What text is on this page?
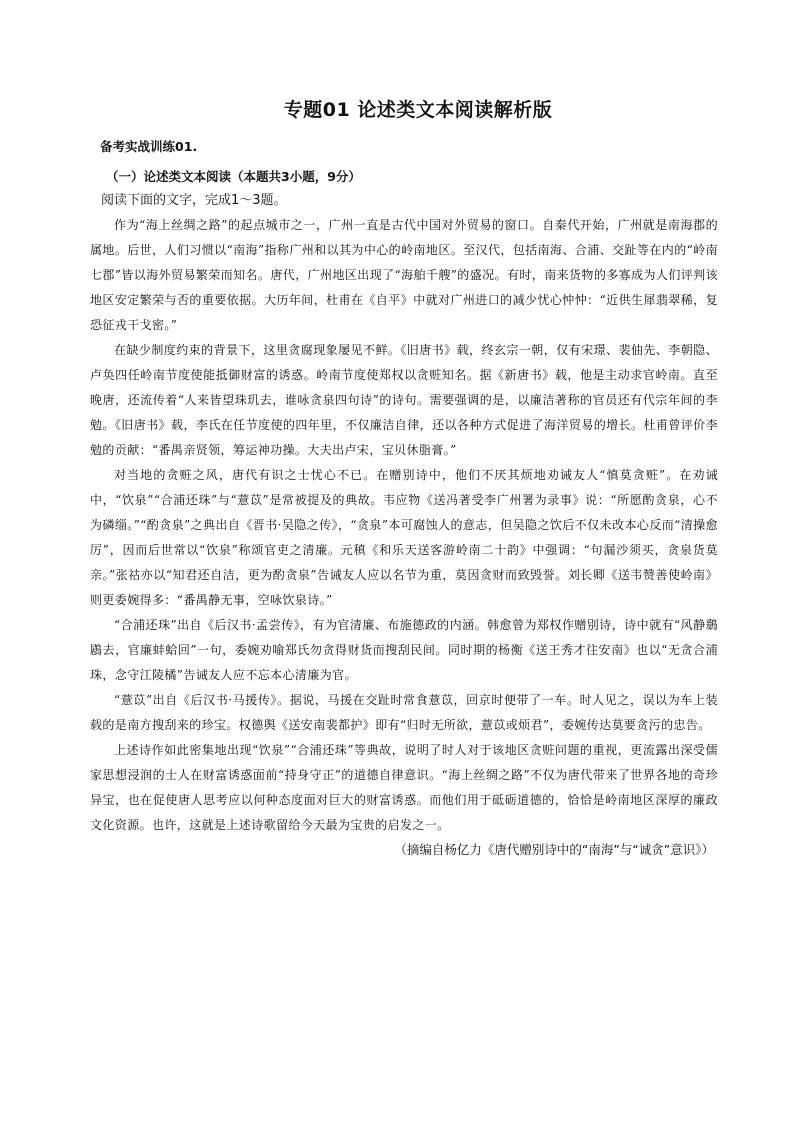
专题01 论述类文本阅读解析版

备考实战训练01.

（一）论述类文本阅读（本题共3小题，9分）

阅读下面的文字，完成1～3题。

作为“海上丝绸之路”的起点城市之一，广州一直是古代中国对外贸易的窗口。自秦代开始，广州就是南海郡的属地。后世，人们习惯以“南海”指称广州和以其为中心的岭南地区。至汉代，包括南海、合浦、交趾等在内的“岭南七郡”皆以海外贸易繁荣而知名。唐代，广州地区出现了“海舶千艘”的盛况。有时，南来货物的多寡成为人们评判该地区安定繁荣与否的重要依据。大历年间，杜甫在《自平》中就对广州进口的减少忧心忡忡：“近供生犀翡翠稀，复恐征戎干戈密。”

在缺少制度约束的背景下，这里贪腐现象屡见不鲜。《旧唐书》载，终玄宗一朝，仅有宋璟、裴伷先、李朝隐、卢奂四任岭南节度使能抵御财富的诱惑。岭南节度使郑权以贪赃知名。据《新唐书》载，他是主动求官岭南。直至晚唐，还流传着“人来皆望珠玑去，谁咏贪泉四句诗”的诗句。需要强调的是，以廉洁著称的官员还有代宗年间的李勉。《旧唐书》载，李氏在任节度使的四年里，不仅廉洁自律，还以各种方式促进了海洋贸易的增长。杜甫曾评价李勉的贡献：“番禺亲贤领，筹运神功操。大夫出卢宋，宝贝休脂膏。”

对当地的贪赃之风，唐代有识之士忧心不已。在赠别诗中，他们不厌其烦地劝诫友人“慎莫贪赃”。在劝诫中，“饮泉”“合浦还珠”与“薏苡”是常被提及的典故。韦应物《送冯著受李广州署为录事》说：“所愿酌贪泉，心不为磷缁。”“酌贪泉”之典出自《晋书·吴隐之传》，“贪泉”本可腐蚀人的意志，但吴隐之饮后不仅未改本心反而“清操愈厉”，因而后世常以“饮泉”称颂官吏之清廉。元稹《和乐天送客游岭南二十韵》中强调：“句漏沙须买，贪泉货莫亲。”张祜亦以“知君还自洁，更为酌贪泉”告诫友人应以名节为重，莫因贪财而致毁誉。刘长卿《送韦赞善使岭南》则更委婉得多：“番禺静无事，空咏饮泉诗。”

“合浦还珠”出自《后汉书·孟尝传》，有为官清廉、布施德政的内涵。韩愈曾为郑权作赠别诗，诗中就有“风静鶢鶋去，官廉蚌蛤回”一句，委婉劝喻郑氏勿贪得财货而搜刮民间。同时期的杨衡《送王秀才往安南》也以“无贪合浦珠，念守江陵橘”告诫友人应不忘本心清廉为官。

“薏苡”出自《后汉书·马援传》。据说，马援在交趾时常食薏苡，回京时便带了一车。时人见之，误以为车上装载的是南方搜刮来的珍宝。权德舆《送安南裴都护》即有“归时无所欲，薏苡或烦君”，委婉传达莫要贪污的忠告。

上述诗作如此密集地出现“饮泉”“合浦还珠”等典故，说明了时人对于该地区贪赃问题的重视，更流露出深受儒家思想浸润的士人在财富诱惑面前“持身守正”的道德自律意识。“海上丝绸之路”不仅为唐代带来了世界各地的奇珍异宝，也在促使唐人思考应以何种态度面对巨大的财富诱惑。而他们用于砥砺道德的，恰恰是岭南地区深厚的廉政文化资源。也许，这就是上述诗歌留给今天最为宝贵的启发之一。

（摘编自杨亿力《唐代赠别诗中的“南海”与“诚贪”意识》）
